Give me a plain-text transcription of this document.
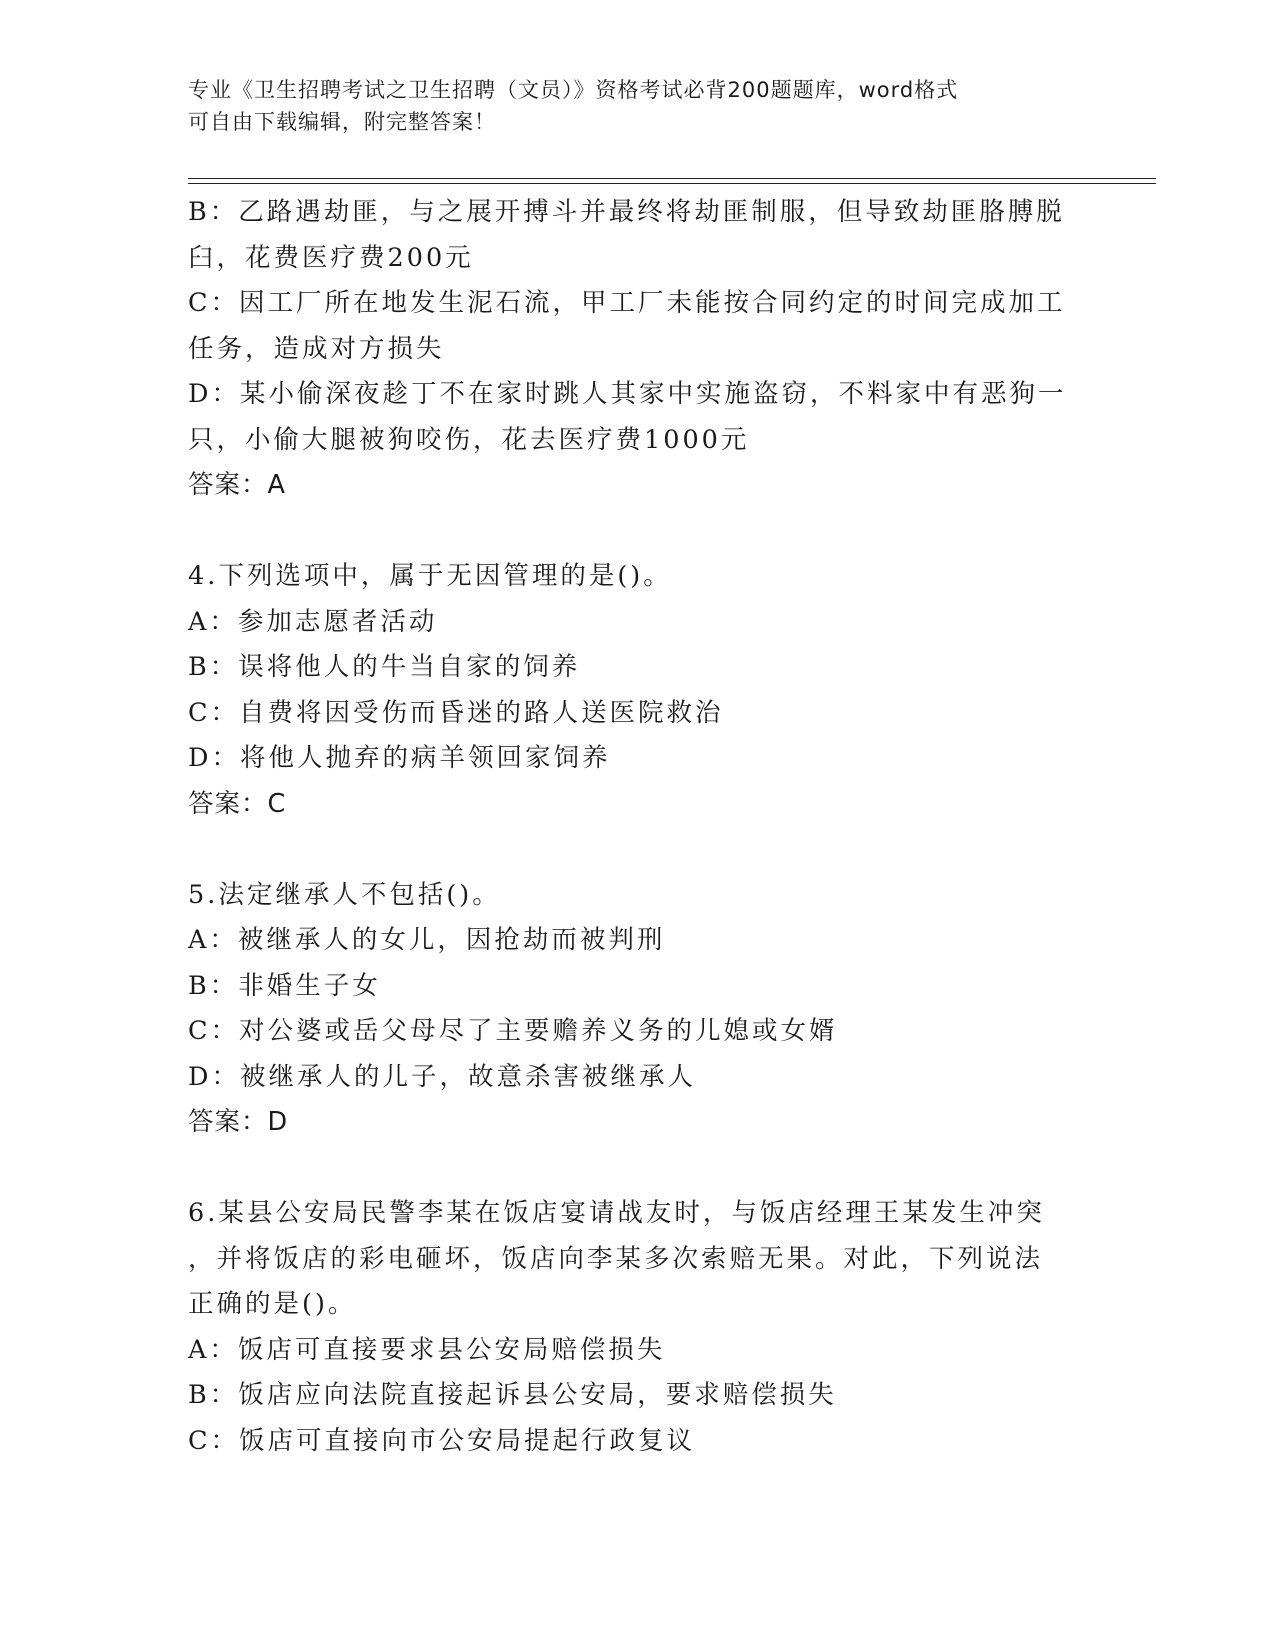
专业《卫生招聘考试之卫生招聘（文员）》资格考试必背200题题库，word格式
可自由下载编辑，附完整答案！
B：乙路遇劫匪，与之展开搏斗并最终将劫匪制服，但导致劫匪胳膊脱
臼，花费医疗费200元
C：因工厂所在地发生泥石流，甲工厂未能按合同约定的时间完成加工
任务，造成对方损失
D：某小偷深夜趁丁不在家时跳人其家中实施盗窃，不料家中有恶狗一
只，小偷大腿被狗咬伤，花去医疗费1000元
答案：A
4.下列选项中，属于无因管理的是()。
A：参加志愿者活动
B：误将他人的牛当自家的饲养
C：自费将因受伤而昏迷的路人送医院救治
D：将他人抛弃的病羊领回家饲养
答案：C
5.法定继承人不包括()。
A：被继承人的女儿，因抢劫而被判刑
B：非婚生子女
C：对公婆或岳父母尽了主要赡养义务的儿媳或女婿
D：被继承人的儿子，故意杀害被继承人
答案：D
6.某县公安局民警李某在饭店宴请战友时，与饭店经理王某发生冲突
，并将饭店的彩电砸坏，饭店向李某多次索赔无果。对此，下列说法
正确的是()。
A：饭店可直接要求县公安局赔偿损失
B：饭店应向法院直接起诉县公安局，要求赔偿损失
C：饭店可直接向市公安局提起行政复议
